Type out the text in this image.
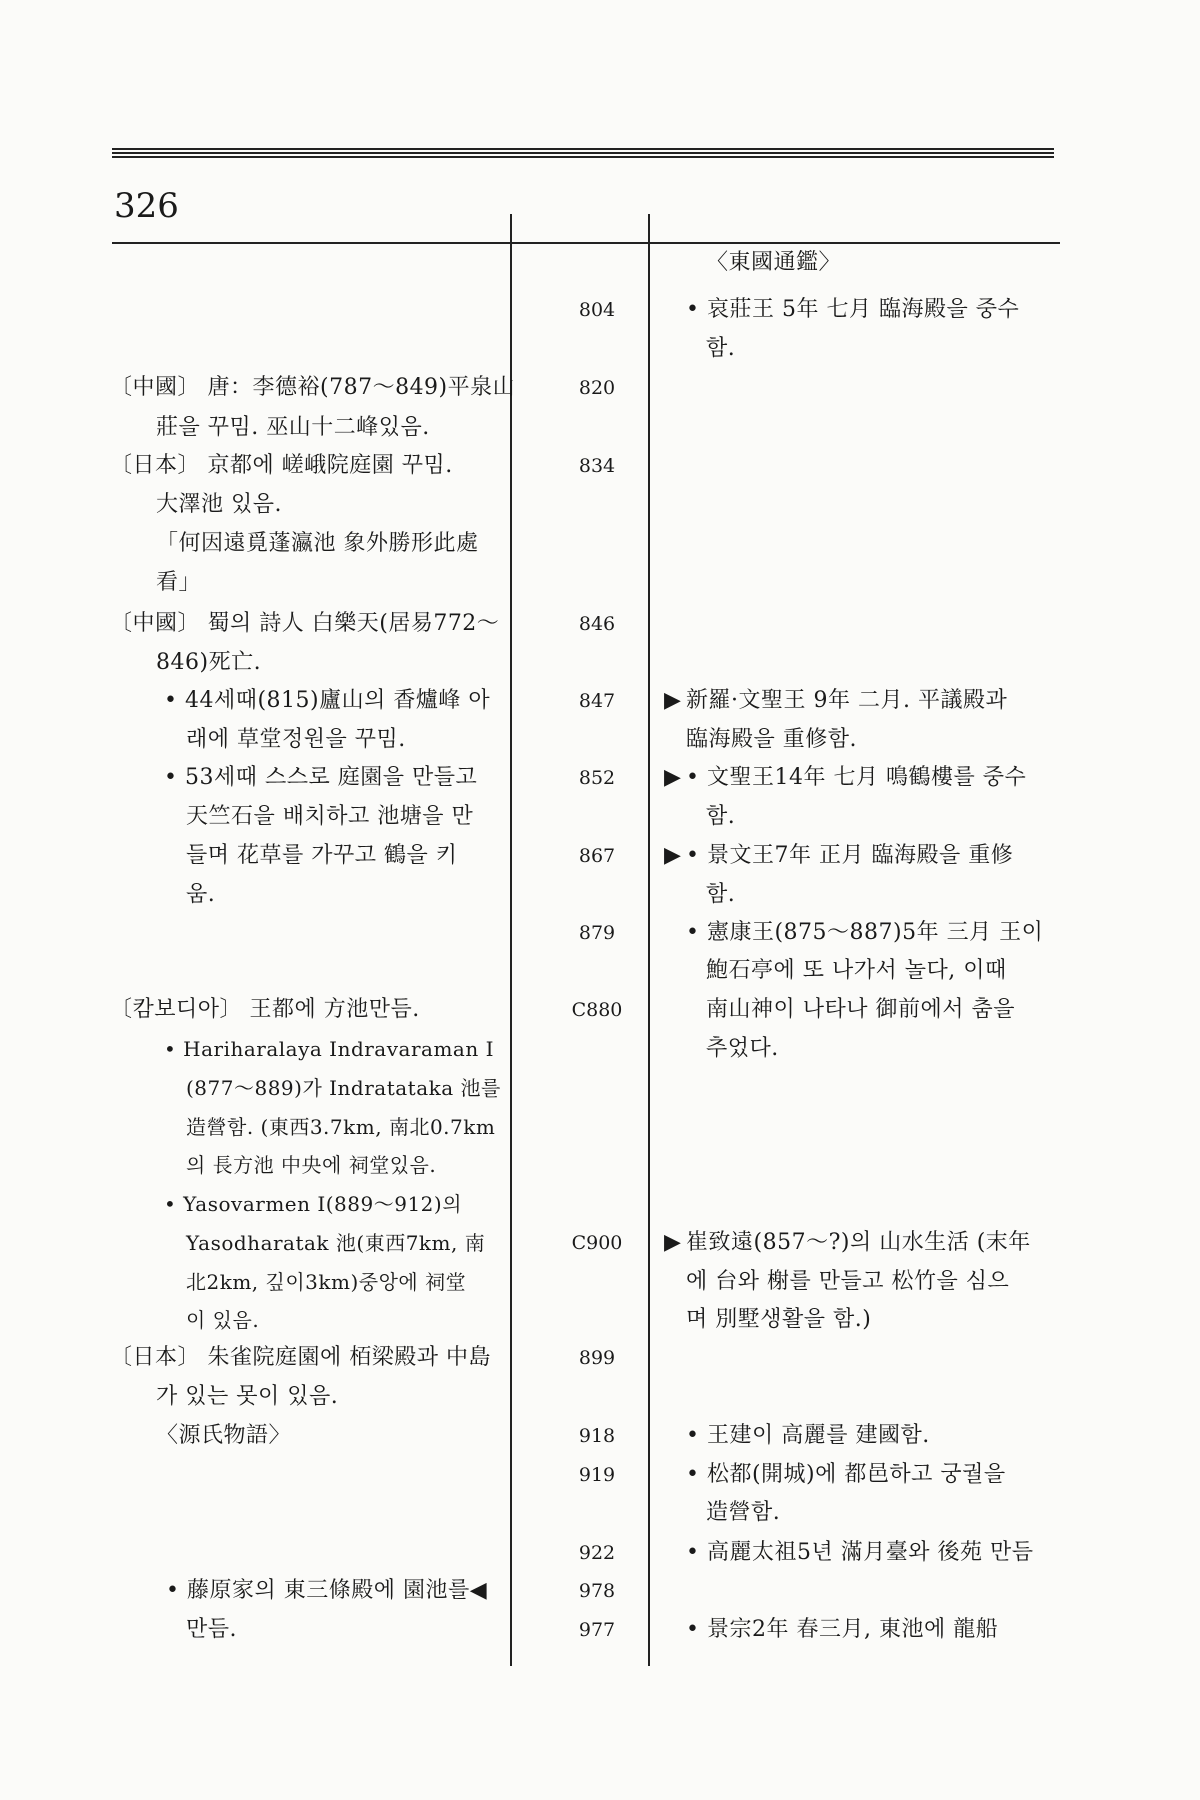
326
〔中國〕 唐：李德裕(787～849)平泉山
莊을 꾸밈. 巫山十二峰있음.
〔日本〕 京都에 嵯峨院庭園 꾸밈.
大澤池 있음.
「何因遠覓蓬瀛池 象外勝形此處
看」
〔中國〕 蜀의 詩人 白樂天(居易772～
846)死亡.
• 44세때(815)廬山의 香爐峰 아
래에 草堂정원을 꾸밈.
• 53세때 스스로 庭園을 만들고
天竺石을 배치하고 池塘을 만
들며 花草를 가꾸고 鶴을 키
움.
〔캄보디아〕 王都에 方池만듬.
• Hariharalaya Indravaraman I
(877～889)가 Indratataka 池를
造營함. (東西3.7km, 南北0.7km
의 長方池 中央에 祠堂있음.
• Yasovarmen I(889～912)의
Yasodharatak 池(東西7km, 南
北2km, 깊이3km)중앙에 祠堂
이 있음.
〔日本〕 朱雀院庭園에 栢梁殿과 中島
가 있는 못이 있음.
〈源氏物語〉
• 藤原家의 東三條殿에 園池를◀
만듬.
804
820
834
846
847
852
867
879
C880
C900
899
918
919
922
978
977
〈東國通鑑〉
• 哀莊王 5年 七月 臨海殿을 중수
함.
▶ 新羅·文聖王 9年 二月. 平議殿과
臨海殿을 重修함.
▶ • 文聖王14年 七月 鳴鶴樓를 중수
함.
▶ • 景文王7年 正月 臨海殿을 重修
함.
• 憲康王(875～887)5年 三月 王이
鮑石亭에 또 나가서 놀다, 이때
南山神이 나타나 御前에서 춤을
추었다.
▶ 崔致遠(857～?)의 山水生活 (末年
에 台와 榭를 만들고 松竹을 심으
며 別墅생활을 함.)
• 王建이 高麗를 建國함.
• 松都(開城)에 都邑하고 궁궐을
造營함.
• 高麗太祖5년 滿月臺와 後苑 만듬
• 景宗2年 春三月, 東池에 龍船
